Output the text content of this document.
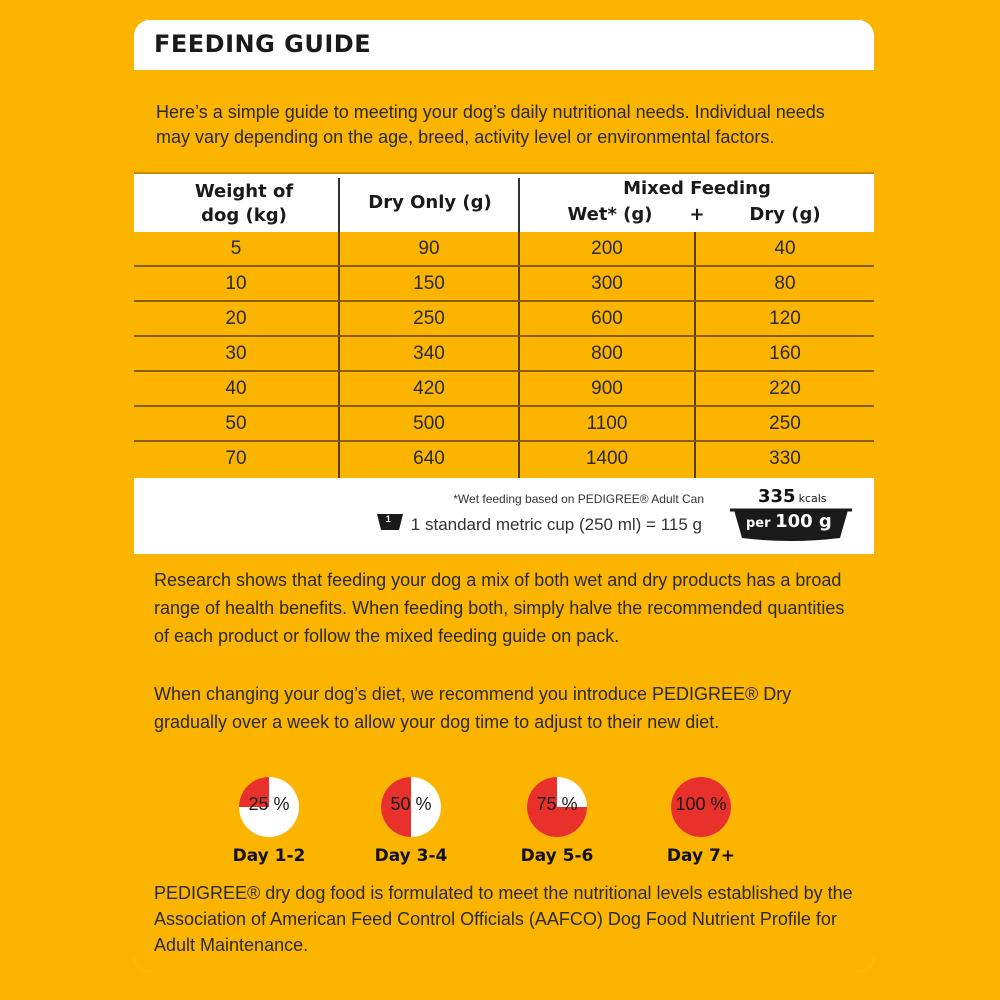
FEEDING GUIDE

Here’s a simple guide to meeting your dog’s daily nutritional needs. Individual needs may vary depending on the age, breed, activity level or environmental factors.

Weight of
dog (kg)
Dry Only (g)
Mixed Feeding
Wet* (g)	+	Dry (g)
5	90	200	40
10	150	300	80
20	250	600	120
30	340	800	160
40	420	900	220
50	500	1100	250
70	640	1400	330
*Wet feeding based on PEDIGREE® Adult Can
1 1 standard metric cup (250 ml) = 115 g
335 kcals
per 100 g

Research shows that feeding your dog a mix of both wet and dry products has a broad range of health benefits. When feeding both, simply halve the recommended quantities of each product or follow the mixed feeding guide on pack.

When changing your dog’s diet, we recommend you introduce PEDIGREE® Dry gradually over a week to allow your dog time to adjust to their new diet.

25 %
Day 1-2
50 %
Day 3-4
75 %
Day 5-6
100 %
Day 7+

PEDIGREE® dry dog food is formulated to meet the nutritional levels established by the Association of American Feed Control Officials (AAFCO) Dog Food Nutrient Profile for Adult Maintenance.
